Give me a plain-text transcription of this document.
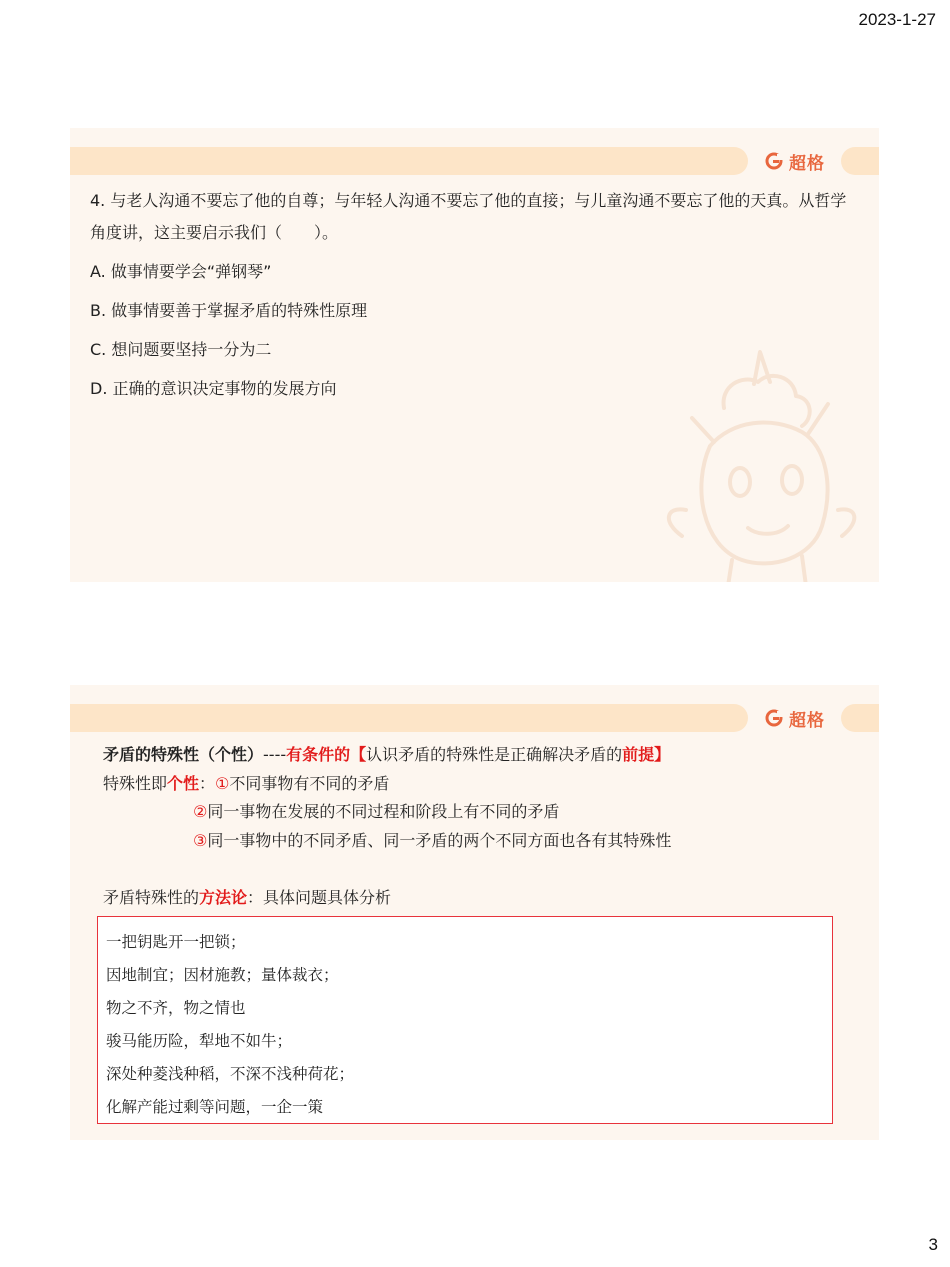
2023-1-27
超格
4. 与老人沟通不要忘了他的自尊；与年轻人沟通不要忘了他的直接；与儿童沟通不要忘了他的天真。从哲学角度讲，这主要启示我们（　　）。
A. 做事情要学会“弹钢琴”
B. 做事情要善于掌握矛盾的特殊性原理
C. 想问题要坚持一分为二
D. 正确的意识决定事物的发展方向
超格
矛盾的特殊性（个性）----有条件的【认识矛盾的特殊性是正确解决矛盾的前提】
特殊性即个性：①不同事物有不同的矛盾
②同一事物在发展的不同过程和阶段上有不同的矛盾
③同一事物中的不同矛盾、同一矛盾的两个不同方面也各有其特殊性
矛盾特殊性的方法论：具体问题具体分析
一把钥匙开一把锁；
因地制宜；因材施教；量体裁衣；
物之不齐，物之情也
骏马能历险，犁地不如牛；
深处种菱浅种稻，不深不浅种荷花；
化解产能过剩等问题，一企一策
3
